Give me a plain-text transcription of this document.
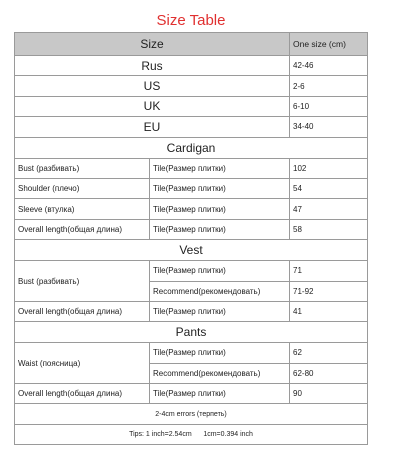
Size Table		
Size		One size (cm)
Rus		42-46
US		2-6
UK		6-10
EU		34-40
Cardigan		
Bust (разбивать)	Tile(Размер плитки)	102
Shoulder (плечо)	Tile(Размер плитки)	54
Sleeve (втулка)	Tile(Размер плитки)	47
Overall length(общая длина)	Tile(Размер плитки)	58
Vest		
Bust (разбивать)	Tile(Размер плитки)	71
	Recommend(рекомендовать)	71-92
Overall length(общая длина)	Tile(Размер плитки)	41
Pants		
Waist (поясница)	Tile(Размер плитки)	62
	Recommend(рекомендовать)	62-80
Overall length(общая длина)	Tile(Размер плитки)	90
2-4cm errors (терпеть)		
Tips: 1 inch=2.54cm      1cm=0.394 inch		
